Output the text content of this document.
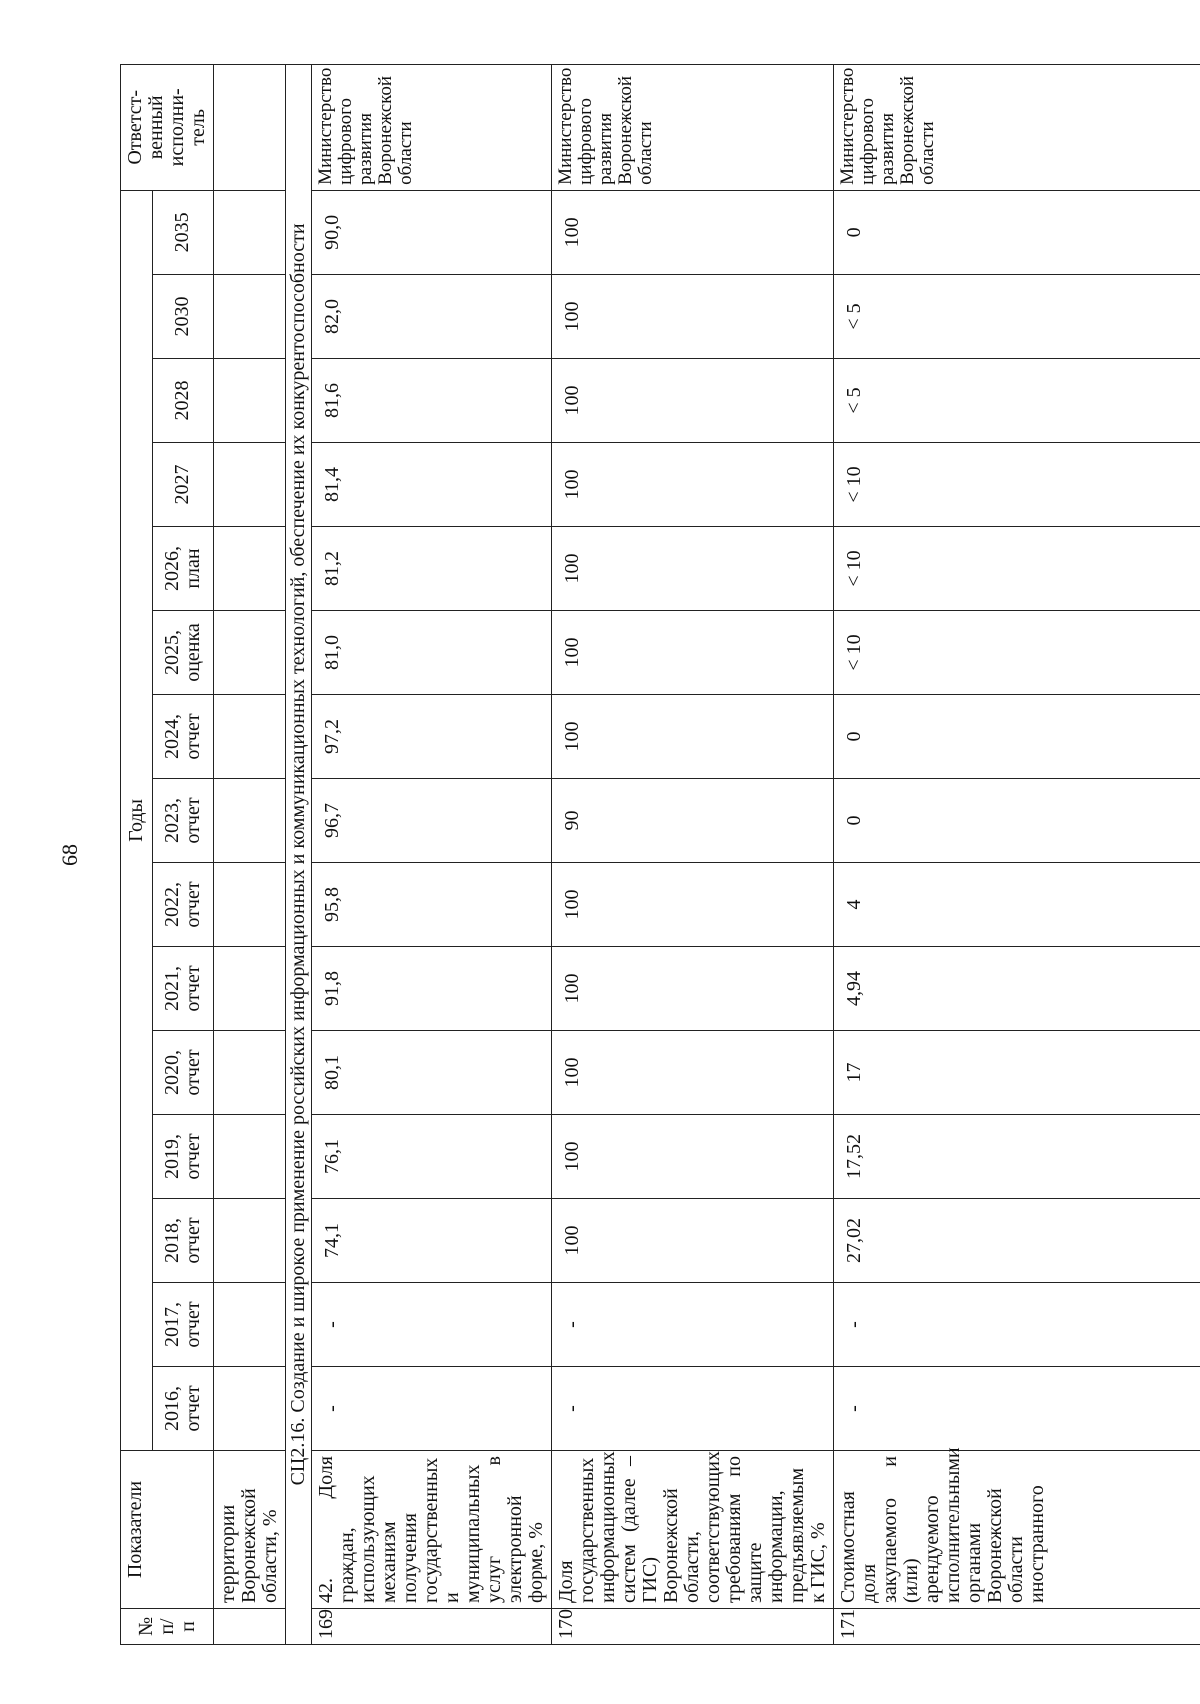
68
№ п/п	Показатели	Годы															Ответст- венный исполни- тель
		2016, отчет	2017, отчет	2018, отчет	2019, отчет	2020, отчет	2021, отчет	2022, отчет	2023, отчет	2024, отчет	2025, оценка	2026, план	2027	2028	2030	2035	
	территории Воронежской области, %																
СЦ2.16. Создание и широкое применение российских информационных и коммуникационных технологий, обеспечение их конкурентоспособности																	
169	42. Доля граждан, использующих механизм получения государственных и муниципальных услуг в электронной форме, %	-	-	74,1	76,1	80,1	91,8	95,8	96,7	97,2	81,0	81,2	81,4	81,6	82,0	90,0	Министерство цифрового развития Воронежской области
170	Доля государственных информационных систем (далее – ГИС) Воронежской области, соответствующих требованиям по защите информации, предъявляемым к ГИС, %	-	-	100	100	100	100	100	90	100	100	100	100	100	100	100	Министерство цифрового развития Воронежской области
171	Стоимостная доля закупаемого и (или) арендуемого исполнительными органами Воронежской области иностранного	-	-	27,02	17,52	17	4,94	4	0	0	< 10	< 10	< 10	< 5	< 5	0	Министерство цифрового развития Воронежской области
